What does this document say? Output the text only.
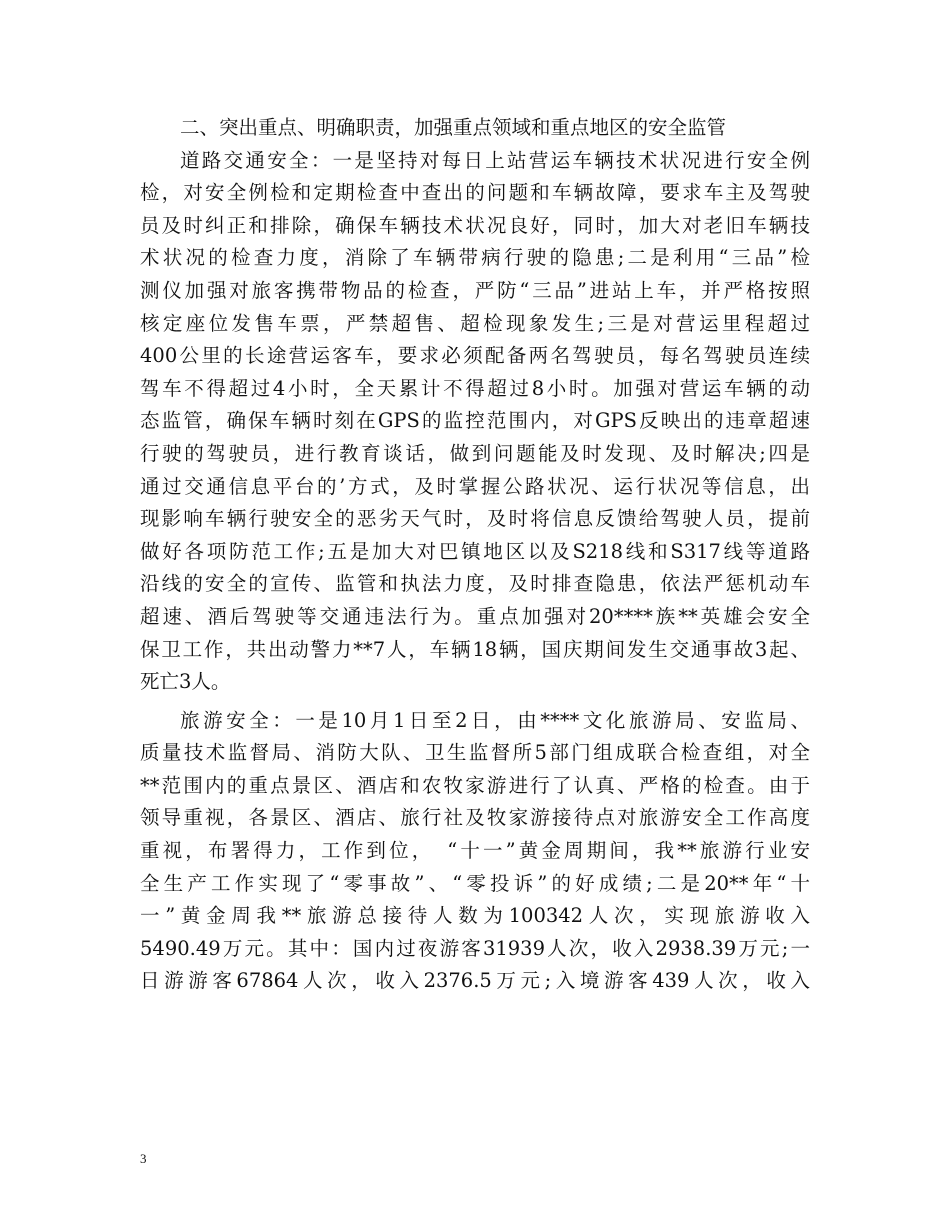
二、突出重点、明确职责，加强重点领域和重点地区的安全监管
道路交通安全：一是坚持对每日上站营运车辆技术状况进行安全例
检，对安全例检和定期检查中查出的问题和车辆故障，要求车主及驾驶
员及时纠正和排除，确保车辆技术状况良好，同时，加大对老旧车辆技
术状况的检查力度，消除了车辆带病行驶的隐患;二是利用“三品”检
测仪加强对旅客携带物品的检查，严防“三品”进站上车，并严格按照
核定座位发售车票，严禁超售、超检现象发生;三是对营运里程超过
400公里的长途营运客车，要求必须配备两名驾驶员，每名驾驶员连续
驾车不得超过4小时，全天累计不得超过8小时。加强对营运车辆的动
态监管，确保车辆时刻在GPS的监控范围内，对GPS反映出的违章超速
行驶的驾驶员，进行教育谈话，做到问题能及时发现、及时解决;四是
通过交通信息平台的’方式，及时掌握公路状况、运行状况等信息，出
现影响车辆行驶安全的恶劣天气时，及时将信息反馈给驾驶人员，提前
做好各项防范工作;五是加大对巴镇地区以及S218线和S317线等道路
沿线的安全的宣传、监管和执法力度，及时排查隐患，依法严惩机动车
超速、酒后驾驶等交通违法行为。重点加强对20****族**英雄会安全
保卫工作，共出动警力**7人，车辆18辆，国庆期间发生交通事故3起、
死亡3人。
旅游安全：一是10月1日至2日，由****文化旅游局、安监局、
质量技术监督局、消防大队、卫生监督所5部门组成联合检查组，对全
**范围内的重点景区、酒店和农牧家游进行了认真、严格的检查。由于
领导重视，各景区、酒店、旅行社及牧家游接待点对旅游安全工作高度
重视，布署得力，工作到位，　“十一”黄金周期间，我**旅游行业安
全生产工作实现了“零事故”、“零投诉”的好成绩;二是20**年“十
一”黄金周我**旅游总接待人数为100342人次，实现旅游收入
5490.49万元。其中：国内过夜游客31939人次，收入2938.39万元;一
日游游客67864人次，收入2376.5万元;入境游客439人次，收入
3
